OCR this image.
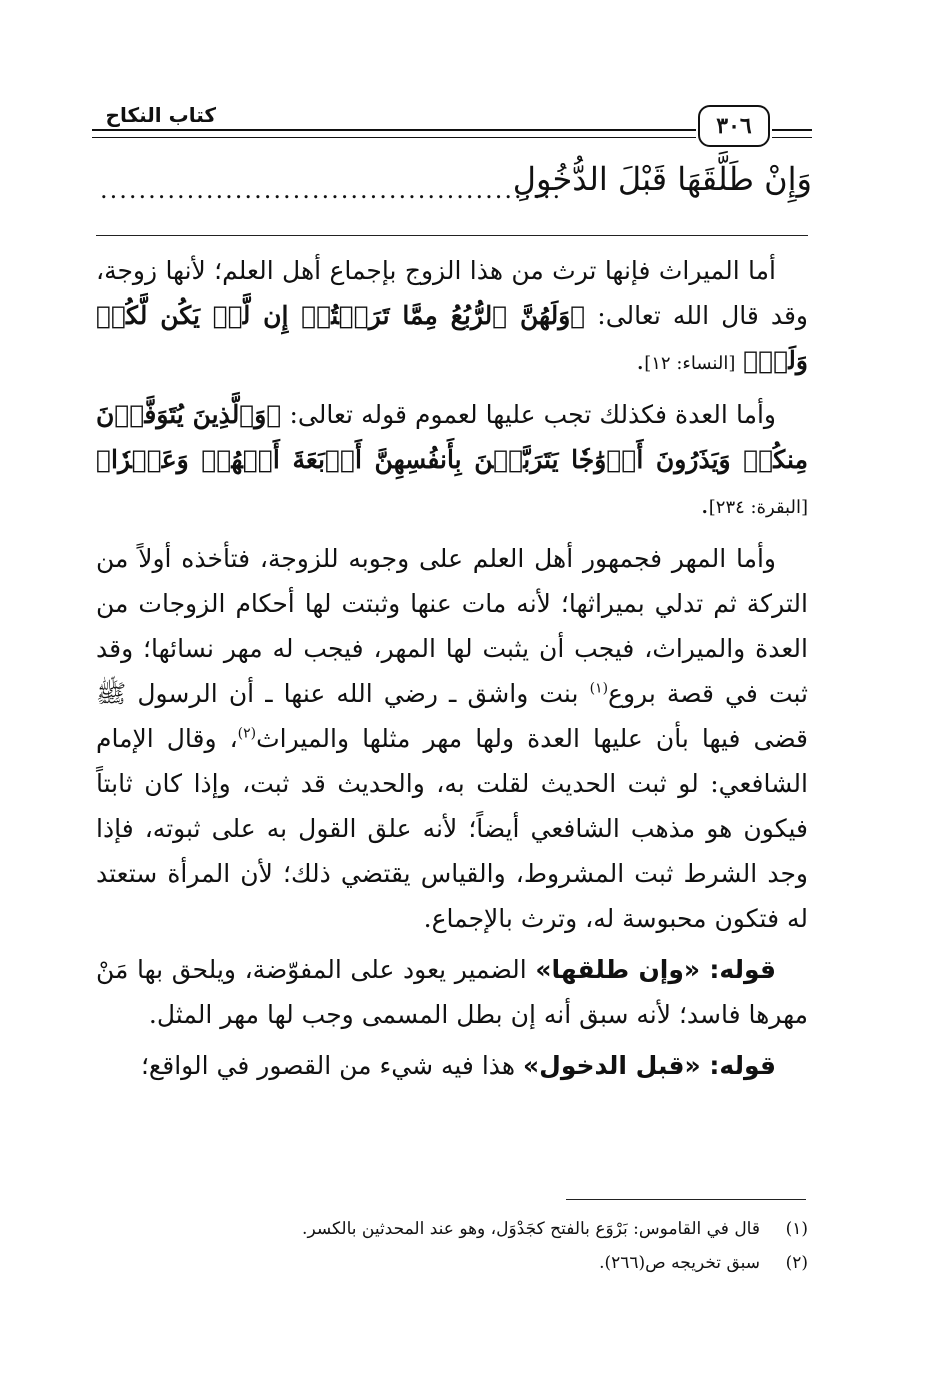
كتاب النكاح	٣٠٦
وَإِنْ طَلَّقَهَا قَبْلَ الدُّخُولِ
................................................

أما الميراث فإنها ترث من هذا الزوج بإجماع أهل العلم؛ لأنها زوجة، وقد قال الله تعالى: ﴿وَلَهُنَّ ٱلرُّبُعُ مِمَّا تَرَكۡتُمۡ إِن لَّمۡ يَكُن لَّكُمۡ وَلَدٞ﴾ [النساء: ١٢].

وأما العدة فكذلك تجب عليها لعموم قوله تعالى: ﴿وَٱلَّذِينَ يُتَوَفَّوۡنَ مِنكُمۡ وَيَذَرُونَ أَزۡوَٰجٗا يَتَرَبَّصۡنَ بِأَنفُسِهِنَّ أَرۡبَعَةَ أَشۡهُرٖ وَعَشۡرٗا﴾ [البقرة: ٢٣٤].

وأما المهر فجمهور أهل العلم على وجوبه للزوجة، فتأخذه أولاً من التركة ثم تدلي بميراثها؛ لأنه مات عنها وثبتت لها أحكام الزوجات من العدة والميراث، فيجب أن يثبت لها المهر، فيجب له مهر نسائها؛ وقد ثبت في قصة بروع$^{(١)}$ بنت واشق ـ رضي الله عنها ـ أن الرسول ﷺ قضى فيها بأن عليها العدة ولها مهر مثلها والميراث$^{(٢)}$، وقال الإمام الشافعي: لو ثبت الحديث لقلت به، والحديث قد ثبت، وإذا كان ثابتاً فيكون هو مذهب الشافعي أيضاً؛ لأنه علق القول به على ثبوته، فإذا وجد الشرط ثبت المشروط، والقياس يقتضي ذلك؛ لأن المرأة ستعتد له فتكون محبوسة له، وترث بالإجماع.

قوله: «وإن طلقها» الضمير يعود على المفوّضة، ويلحق بها مَنْ مهرها فاسد؛ لأنه سبق أنه إن بطل المسمى وجب لها مهر المثل.

قوله: «قبل الدخول» هذا فيه شيء من القصور في الواقع؛

(١)
قال في القاموس: بَرْوَع بالفتح كجَدْوَل، وهو عند المحدثين بالكسر.
(٢)
سبق تخريجه ص(٢٦٦).
